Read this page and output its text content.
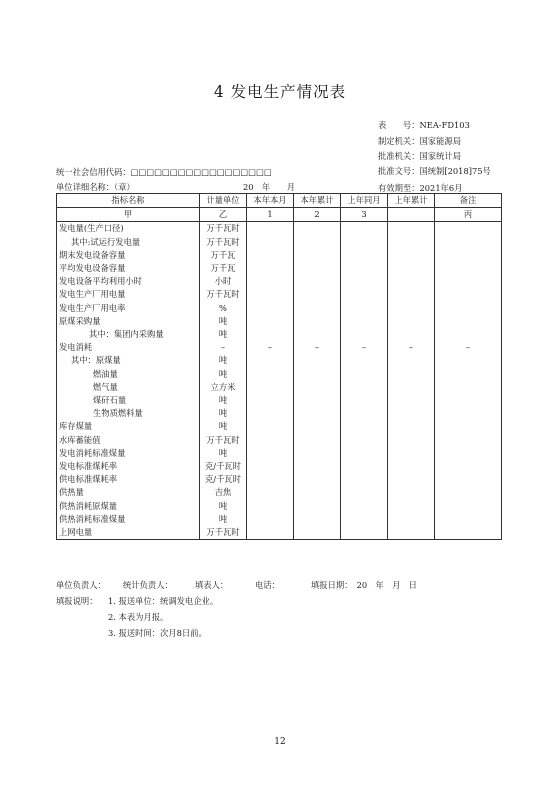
4 发电生产情况表
表　　号：NEA-FD103
制定机关：国家能源局
批准机关：国家统计局
批准文号：国统制[2018]75号
有效期至：2021年6月
统一社会信用代码：□□□□□□□□□□□□□□□□□□
单位详细名称：（章）	20　年　　月
指标名称	计量单位	本年本月	本年累计	上年同月	上年累计	备注
甲	乙	1	2	3		丙
发电量(生产口径)	万千瓦时					
其中:试运行发电量	万千瓦时					
期末发电设备容量	万千瓦					
平均发电设备容量	万千瓦					
发电设备平均利用小时	小时					
发电生产厂用电量	万千瓦时					
发电生产厂用电率	%					
原煤采购量	吨					
其中：集团内采购量	吨					
发电消耗	–	–	–	–	–	–
其中：原煤量	吨					
燃油量	吨					
燃气量	立方米					
煤矸石量	吨					
生物质燃料量	吨					
库存煤量	吨					
水库蓄能值	万千瓦时					
发电消耗标准煤量	吨					
发电标准煤耗率	克/千瓦时					
供电标准煤耗率	克/千瓦时					
供热量	吉焦					
供热消耗原煤量	吨					
供热消耗标准煤量	吨					
上网电量	万千瓦时					
单位负责人： 统计负责人：	填表人：	电话：	填报日期：　20　年　月　日
填报说明： 1. 报送单位：统调发电企业。
2. 本表为月报。
3. 报送时间：次月8日前。
12
